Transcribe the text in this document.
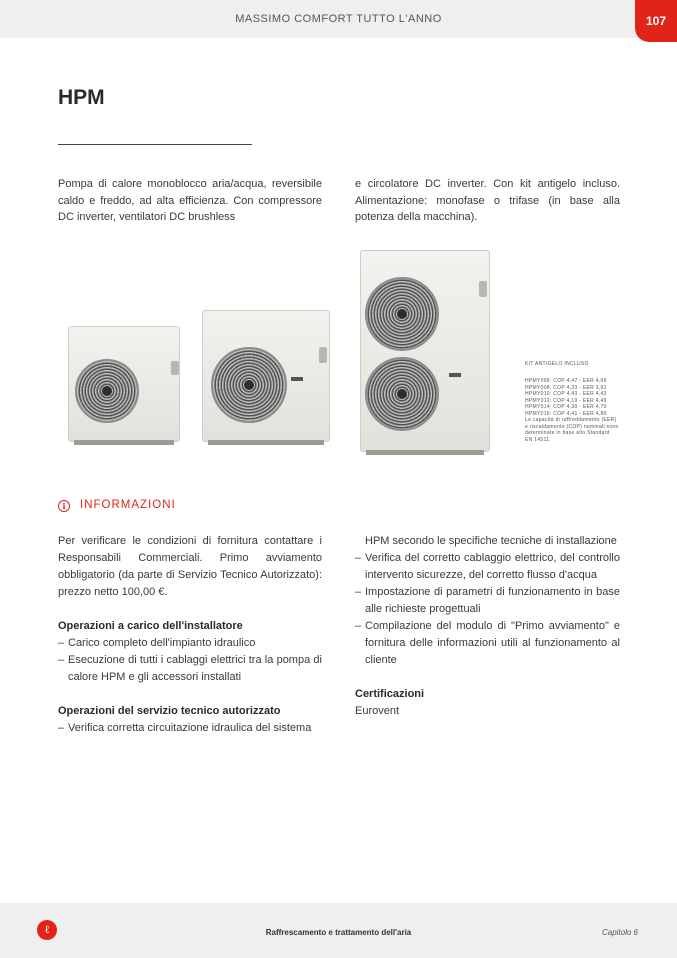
MASSIMO COMFORT TUTTO L'ANNO	107
HPM

Pompa di calore monoblocco aria/acqua, reversibile caldo e freddo, ad alta efficienza. Con compressore DC inverter, ventilatori DC brushless

e circolatore DC inverter. Con kit antigelo incluso. Alimentazione: monofase o trifase (in base alla potenza della macchina).

KIT ANTIGELO INCLUSO
HPMY006: COP 4,47 - EER 4,06
HPMY008: COP 4,33 - EER 3,91
HPMY010: COP 4,43 - EER 4,43
HPMY012: COP 4,19 - EER 4,49
HPMY014: COP 4,30 - EER 4,70
HPMY016: COP 4,41 - EER 4,80
Le capacità di raffreddamento (EER)
e riscaldamento (COP) nominali sono
determinate in base allo Standard
EN 14511.
i	INFORMAZIONI

Per verificare le condizioni di fornitura contattare i Responsabili Commerciali. Primo avviamento obbligatorio (da parte di Servizio Tecnico Autorizzato): prezzo netto 100,00 €.

Operazioni a carico dell'installatore
– Carico completo dell'impianto idraulico
– Esecuzione di tutti i cablaggi elettrici tra la pompa di calore HPM e gli accessori installati
Operazioni del servizio tecnico autorizzato
– Verifica corretta circuitazione idraulica del sistema
HPM secondo le specifiche tecniche di installazione
– Verifica del corretto cablaggio elettrico, del controllo intervento sicurezze, del corretto flusso d'acqua
– Impostazione di parametri di funzionamento in base alle richieste progettuali
– Compilazione del modulo di "Primo avviamento" e fornitura delle informazioni utili al funzionamento al cliente
Certificazioni
Eurovent
ℓ	Raffrescamento e trattamento dell'aria	Capitolo 6
